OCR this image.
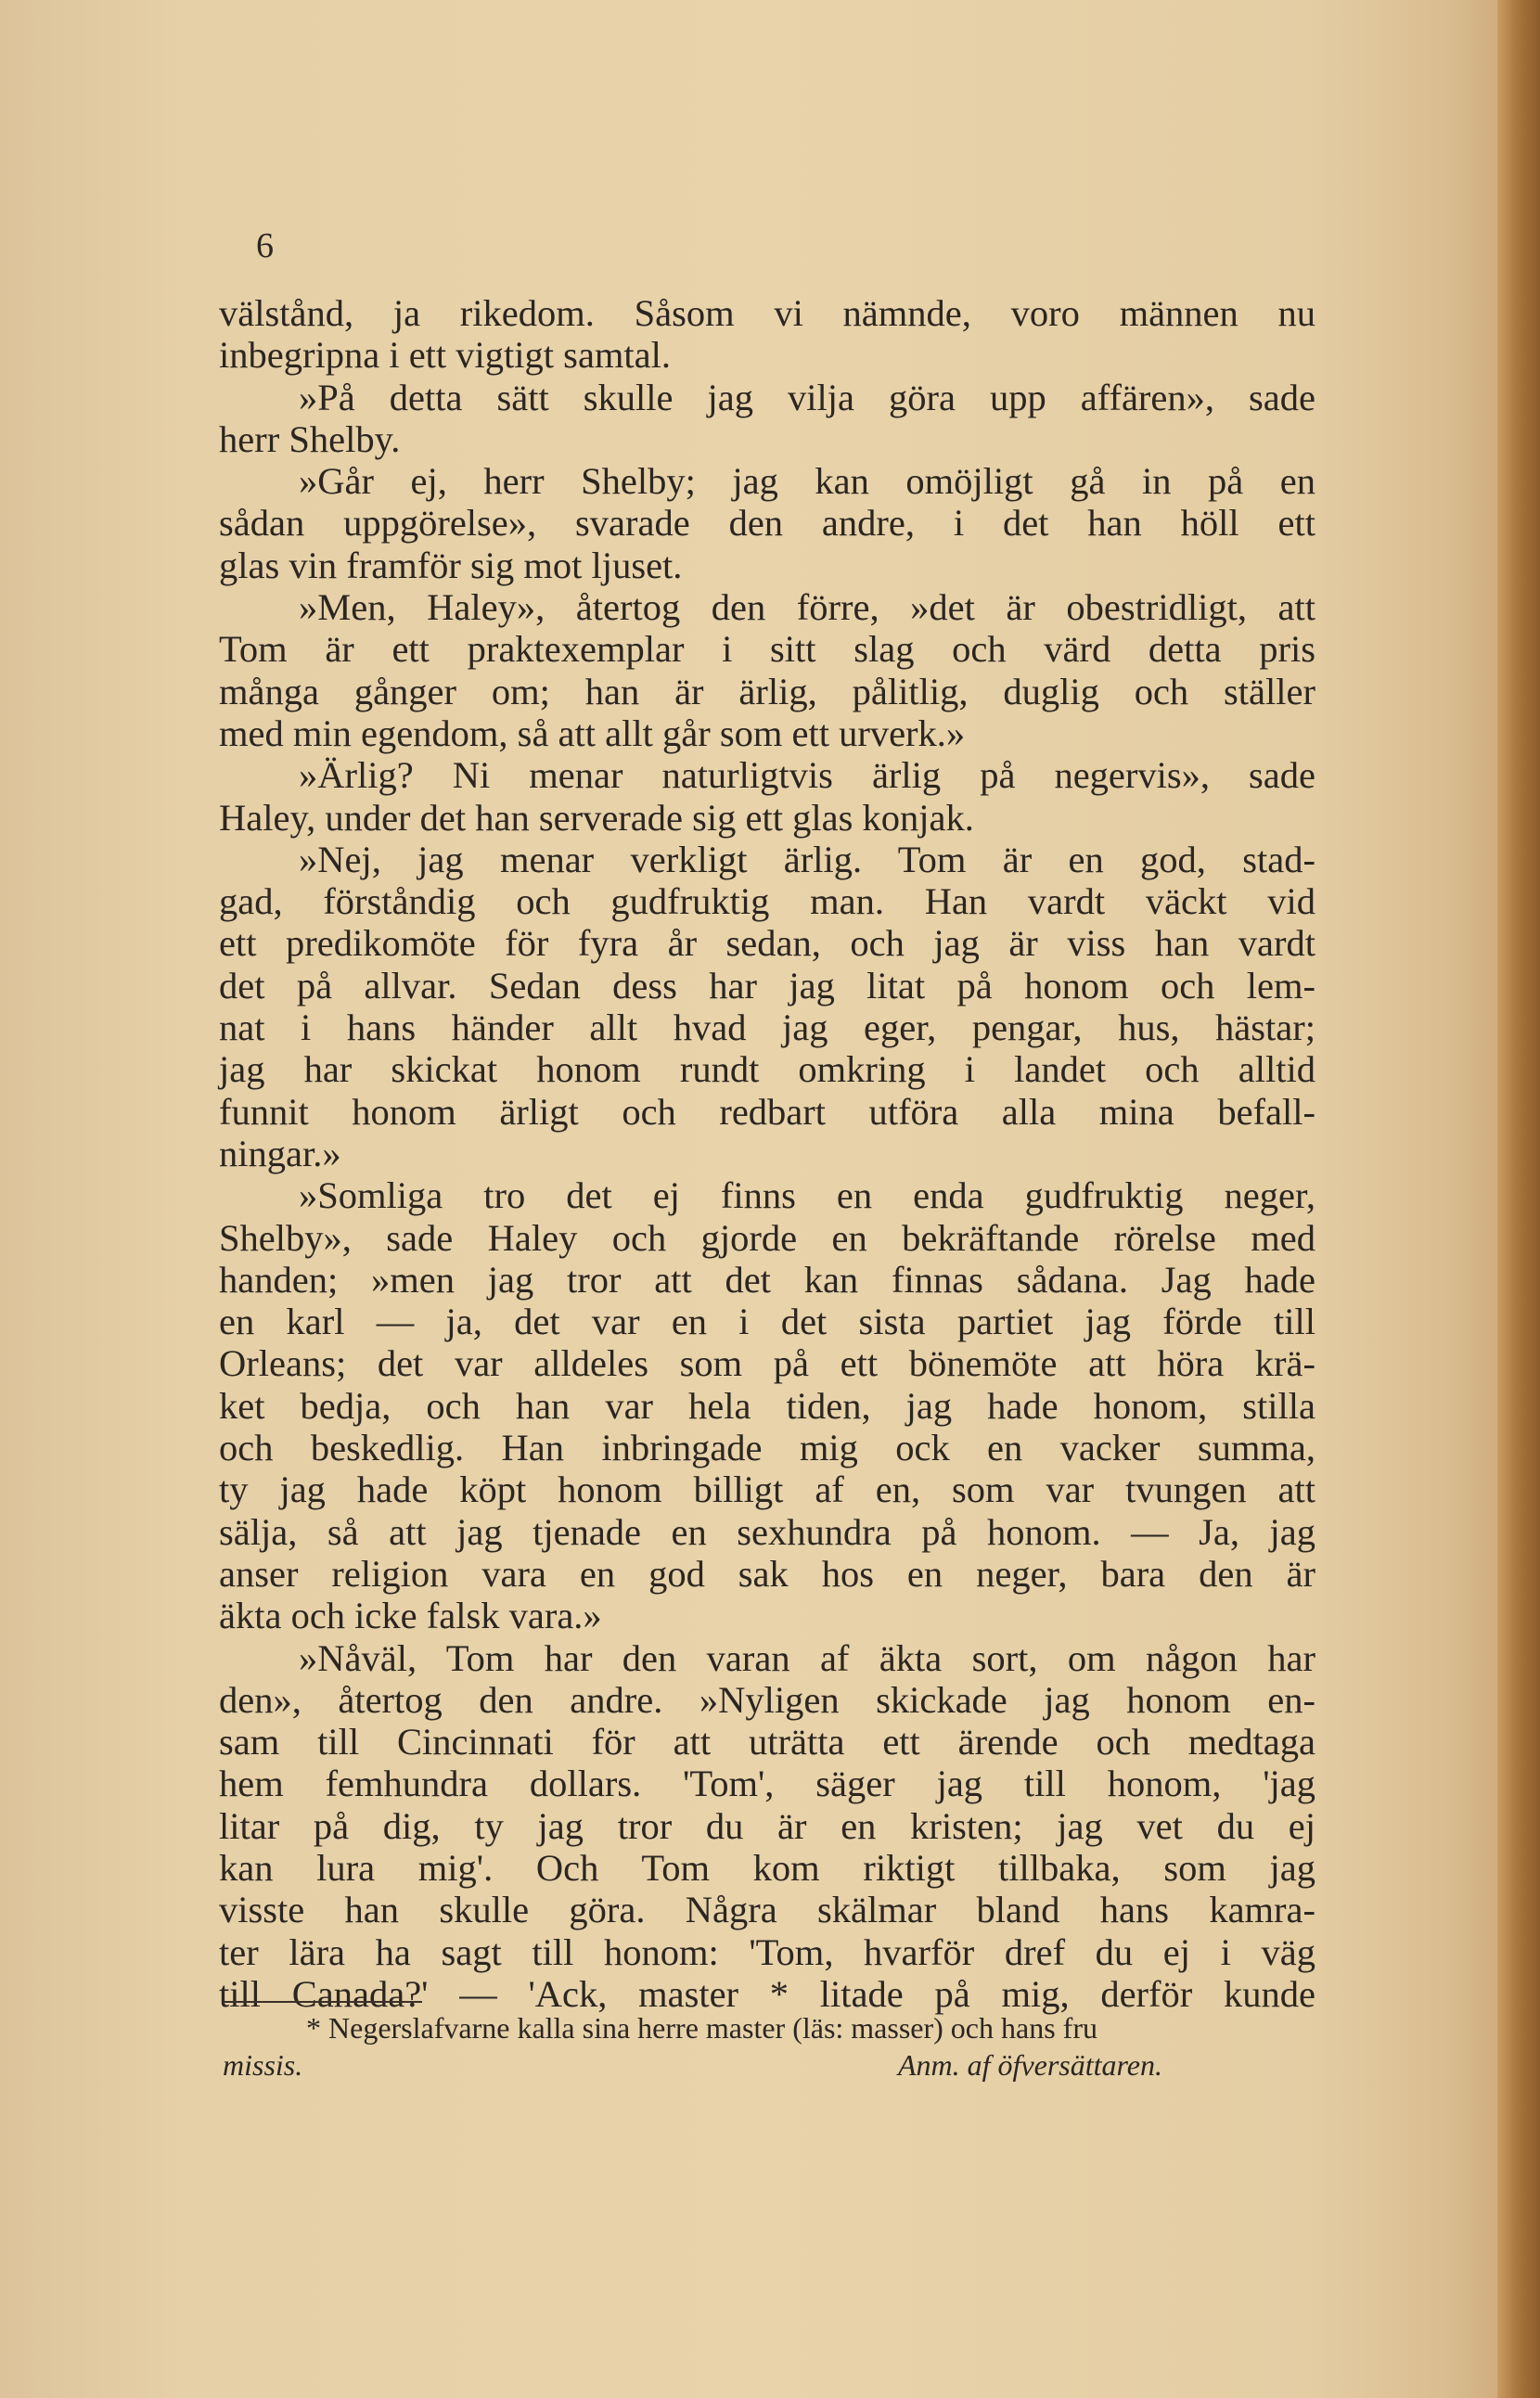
6
välstånd, ja rikedom. Såsom vi nämnde, voro männen nu
inbegripna i ett vigtigt samtal.
»På detta sätt skulle jag vilja göra upp affären», sade
herr Shelby.
»Går ej, herr Shelby; jag kan omöjligt gå in på en
sådan uppgörelse», svarade den andre, i det han höll ett
glas vin framför sig mot ljuset.
»Men, Haley», återtog den förre, »det är obestridligt, att
Tom är ett praktexemplar i sitt slag och värd detta pris
många gånger om; han är ärlig, pålitlig, duglig och ställer
med min egendom, så att allt går som ett urverk.»
»Ärlig? Ni menar naturligtvis ärlig på negervis», sade
Haley, under det han serverade sig ett glas konjak.
»Nej, jag menar verkligt ärlig. Tom är en god, stad-
gad, förståndig och gudfruktig man. Han vardt väckt vid
ett predikomöte för fyra år sedan, och jag är viss han vardt
det på allvar. Sedan dess har jag litat på honom och lem-
nat i hans händer allt hvad jag eger, pengar, hus, hästar;
jag har skickat honom rundt omkring i landet och alltid
funnit honom ärligt och redbart utföra alla mina befall-
ningar.»
»Somliga tro det ej finns en enda gudfruktig neger,
Shelby», sade Haley och gjorde en bekräftande rörelse med
handen; »men jag tror att det kan finnas sådana. Jag hade
en karl — ja, det var en i det sista partiet jag förde till
Orleans; det var alldeles som på ett bönemöte att höra krä-
ket bedja, och han var hela tiden, jag hade honom, stilla
och beskedlig. Han inbringade mig ock en vacker summa,
ty jag hade köpt honom billigt af en, som var tvungen att
sälja, så att jag tjenade en sexhundra på honom. — Ja, jag
anser religion vara en god sak hos en neger, bara den är
äkta och icke falsk vara.»
»Nåväl, Tom har den varan af äkta sort, om någon har
den», återtog den andre. »Nyligen skickade jag honom en-
sam till Cincinnati för att uträtta ett ärende och medtaga
hem femhundra dollars. 'Tom', säger jag till honom, 'jag
litar på dig, ty jag tror du är en kristen; jag vet du ej
kan lura mig'. Och Tom kom riktigt tillbaka, som jag
visste han skulle göra. Några skälmar bland hans kamra-
ter lära ha sagt till honom: 'Tom, hvarför dref du ej i väg
till Canada?' — 'Ack, master * litade på mig, derför kunde
* Negerslafvarne kalla sina herre master (läs: masser) och hans fru
missis.	Anm. af öfversättaren.
